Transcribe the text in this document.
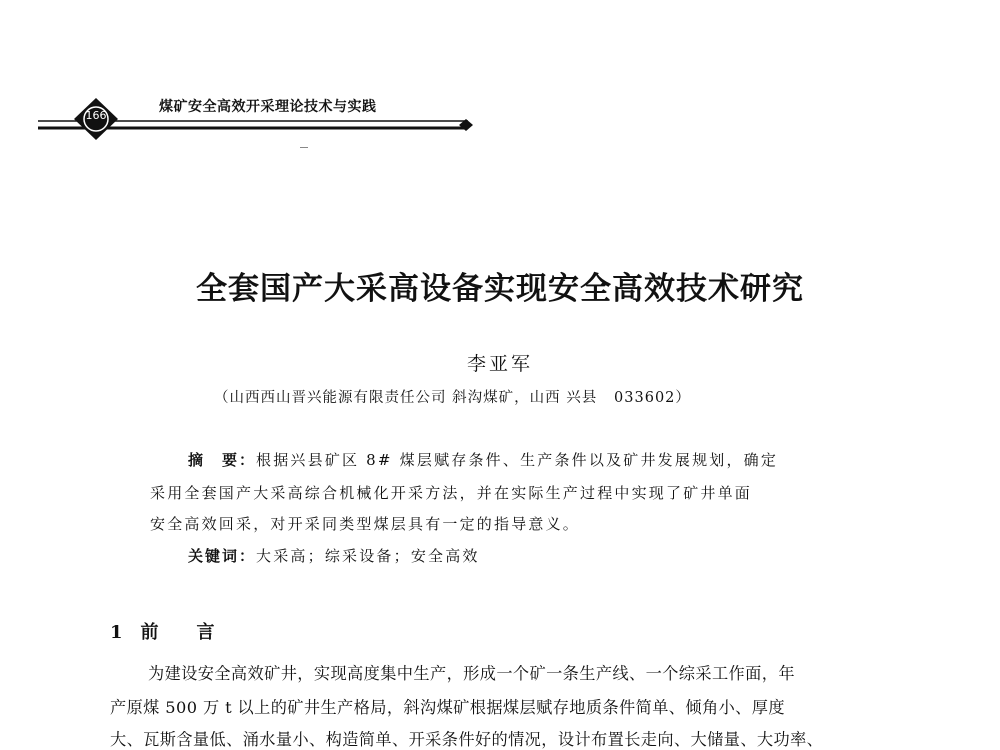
166
煤矿安全高效开采理论技术与实践
全套国产大采高设备实现安全高效技术研究
李亚军
（山西西山晋兴能源有限责任公司 斜沟煤矿，山西 兴县   033602）
摘　要：根据兴县矿区 8# 煤层赋存条件、生产条件以及矿井发展规划，确定
采用全套国产大采高综合机械化开采方法，并在实际生产过程中实现了矿井单面
安全高效回采，对开采同类型煤层具有一定的指导意义。
关键词：大采高；综采设备；安全高效
1 前 言
为建设安全高效矿井，实现高度集中生产，形成一个矿一条生产线、一个综采工作面，年
产原煤 500 万 t 以上的矿井生产格局，斜沟煤矿根据煤层赋存地质条件简单、倾角小、厚度
大、瓦斯含量低、涌水量小、构造简单、开采条件好的情况，设计布置长走向、大储量、大功率、
